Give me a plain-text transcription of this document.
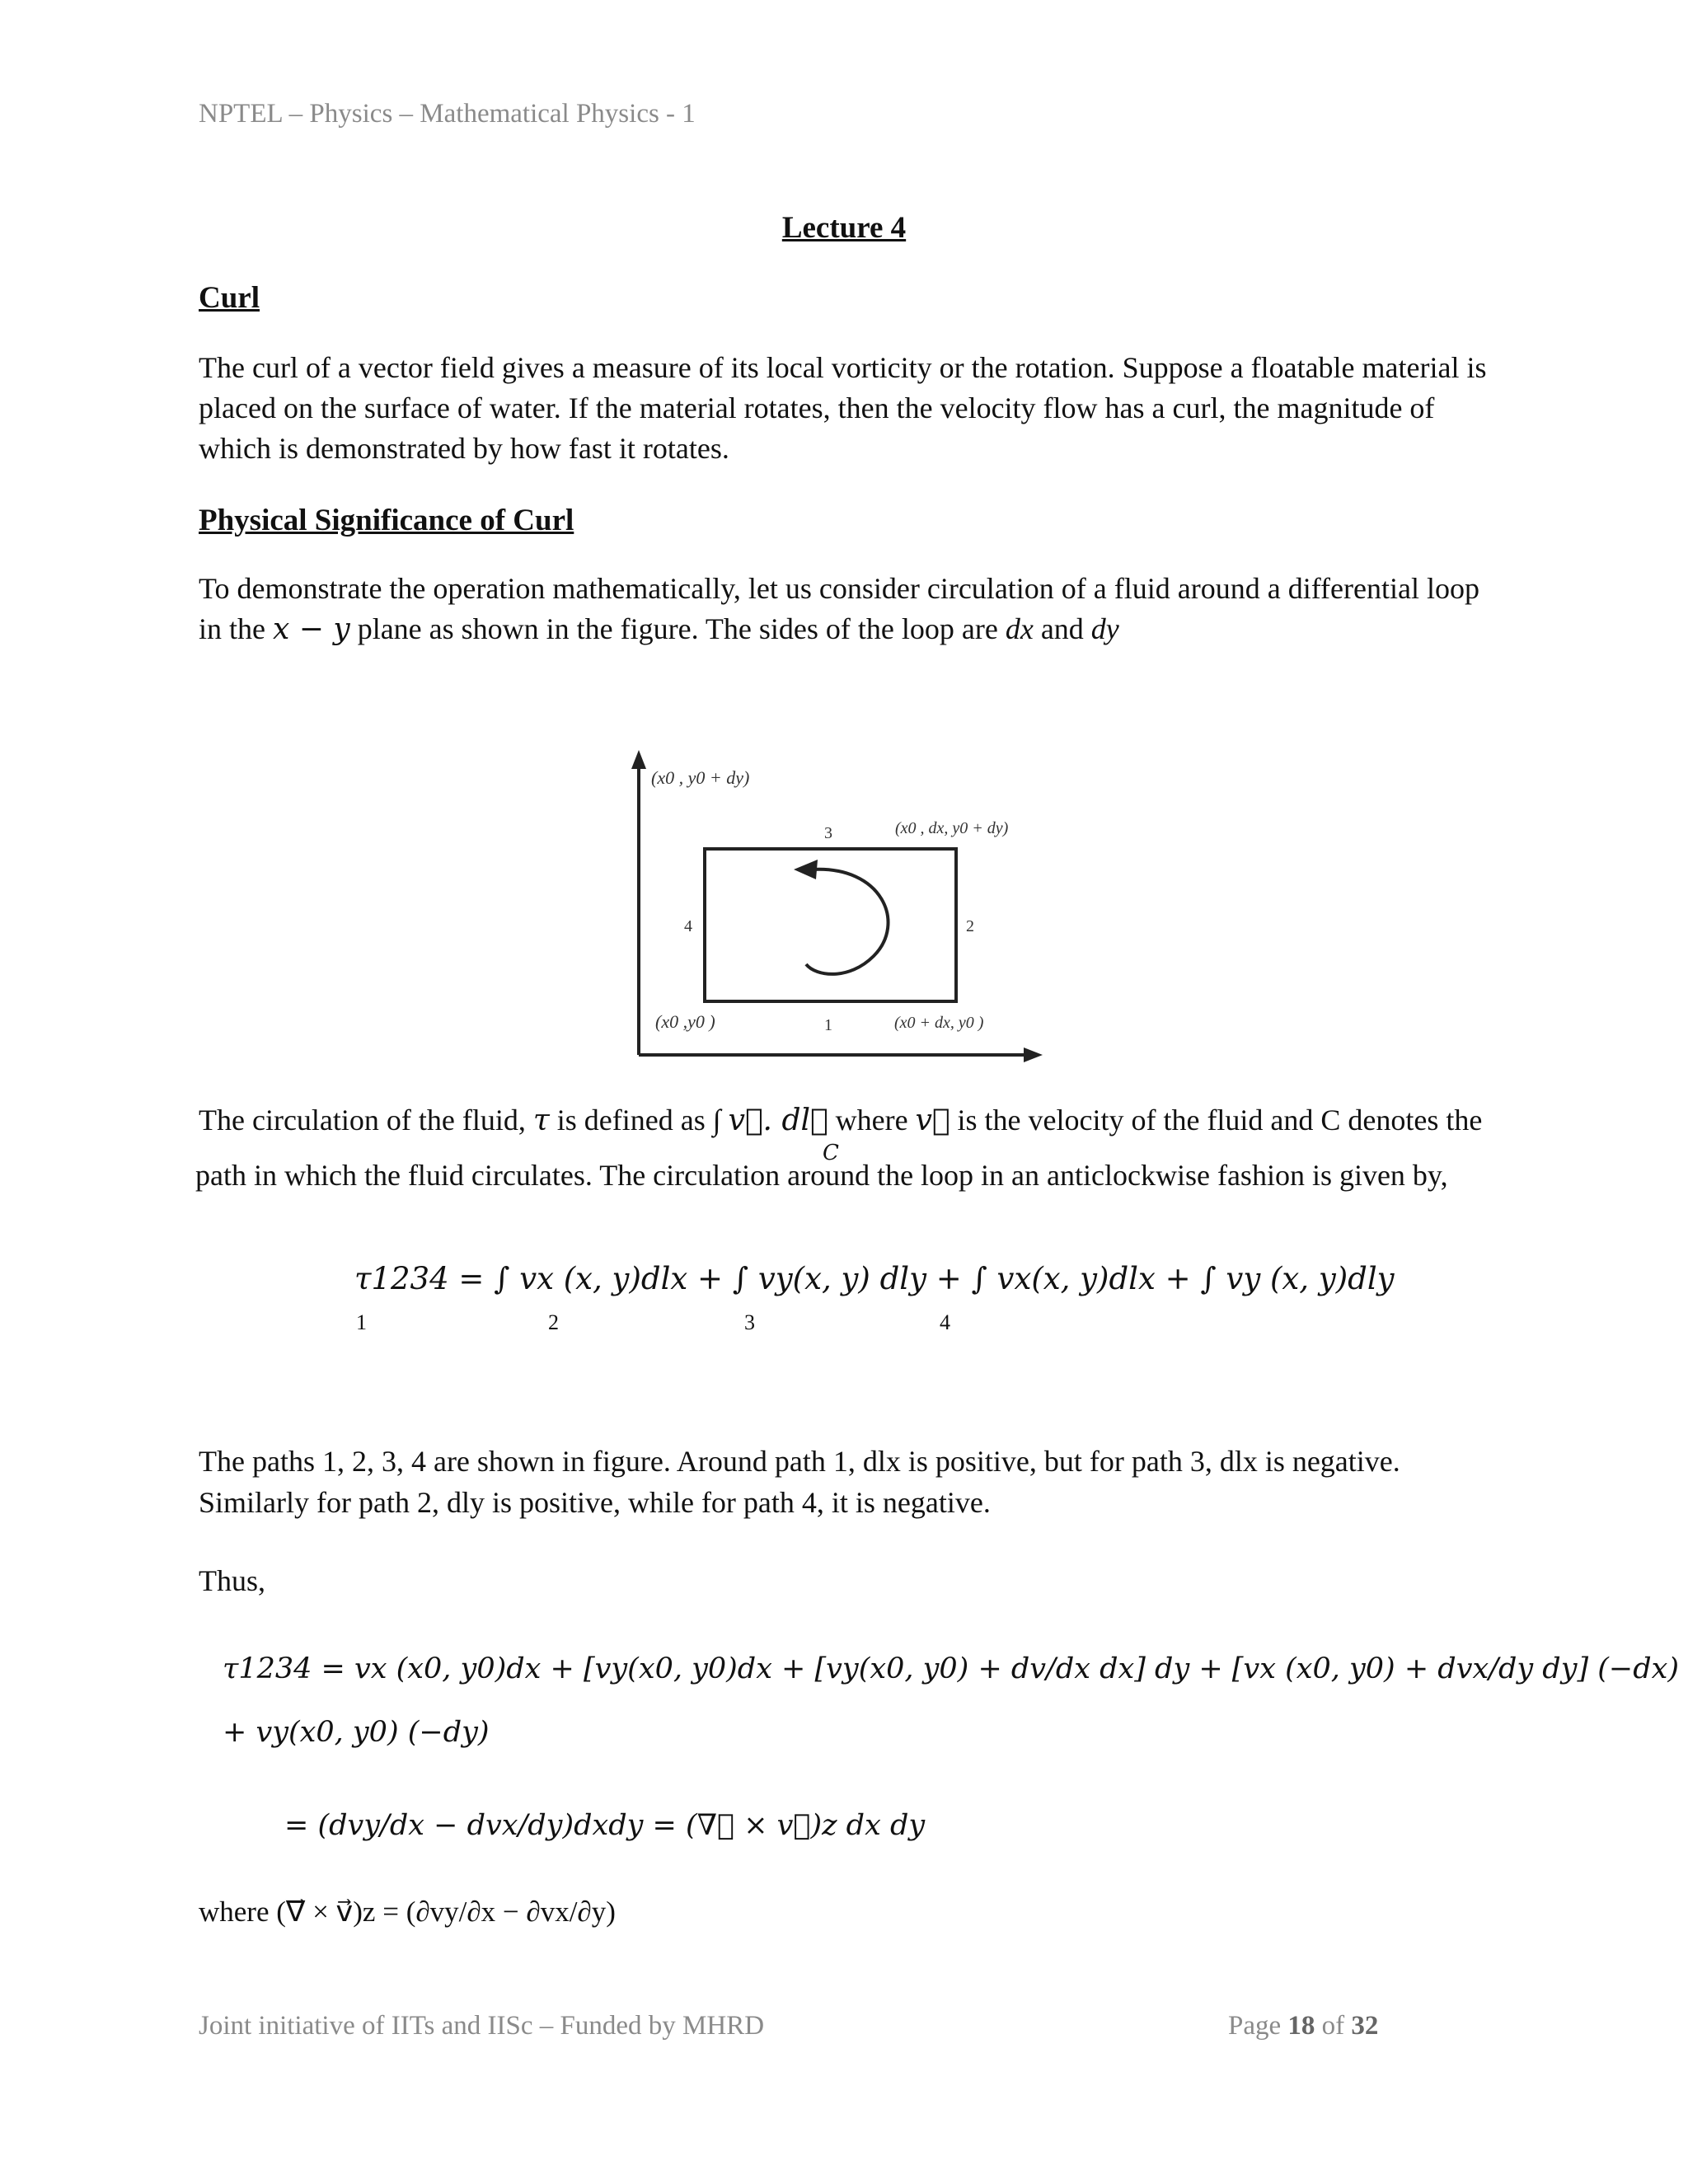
NPTEL – Physics – Mathematical Physics - 1
Lecture 4
Curl
The curl of a vector field gives a measure of its local vorticity or the rotation. Suppose a floatable material is placed on the surface of water. If the material rotates, then the velocity flow has a curl, the magnitude of which is demonstrated by how fast it rotates.
Physical Significance of Curl
To demonstrate the operation mathematically, let us consider circulation of a fluid around a differential loop in the x − y plane as shown in the figure. The sides of the loop are dx and dy
(x0 , y0 + dy)
(x0 , dx, y0 + dy)
(x0 ,y0 )	(x0 + dx, y0 )
3
2
4
1
The circulation of the fluid, τ is defined as ∫ v⃗. dl⃗ where v⃗ is the velocity of the fluid and C denotes the
C
path in which the fluid circulates. The circulation around the loop in an anticlockwise fashion is given by,
τ1234 = ∫ vx (x, y)dlx + ∫ vy(x, y) dly + ∫ vx(x, y)dlx + ∫ vy (x, y)dly
1	2	3	4
The paths 1, 2, 3, 4 are shown in figure. Around path 1, dlx is positive, but for path 3, dlx is negative.
Similarly for path 2, dly is positive, while for path 4, it is negative.
Thus,
τ1234 = vx (x0, y0)dx + [vy(x0, y0)dx + [vy(x0, y0) + dv/dx dx] dy + [vx (x0, y0) + dvx/dy dy] (−dx)
+ vy(x0, y0) (−dy)
= (dvy/dx − dvx/dy)dxdy = (∇⃗ × v⃗)z dx dy
where (∇⃗ × v⃗)z = (∂vy/∂x − ∂vx/∂y)
Joint initiative of IITs and IISc – Funded by MHRD	Page 18 of 32
